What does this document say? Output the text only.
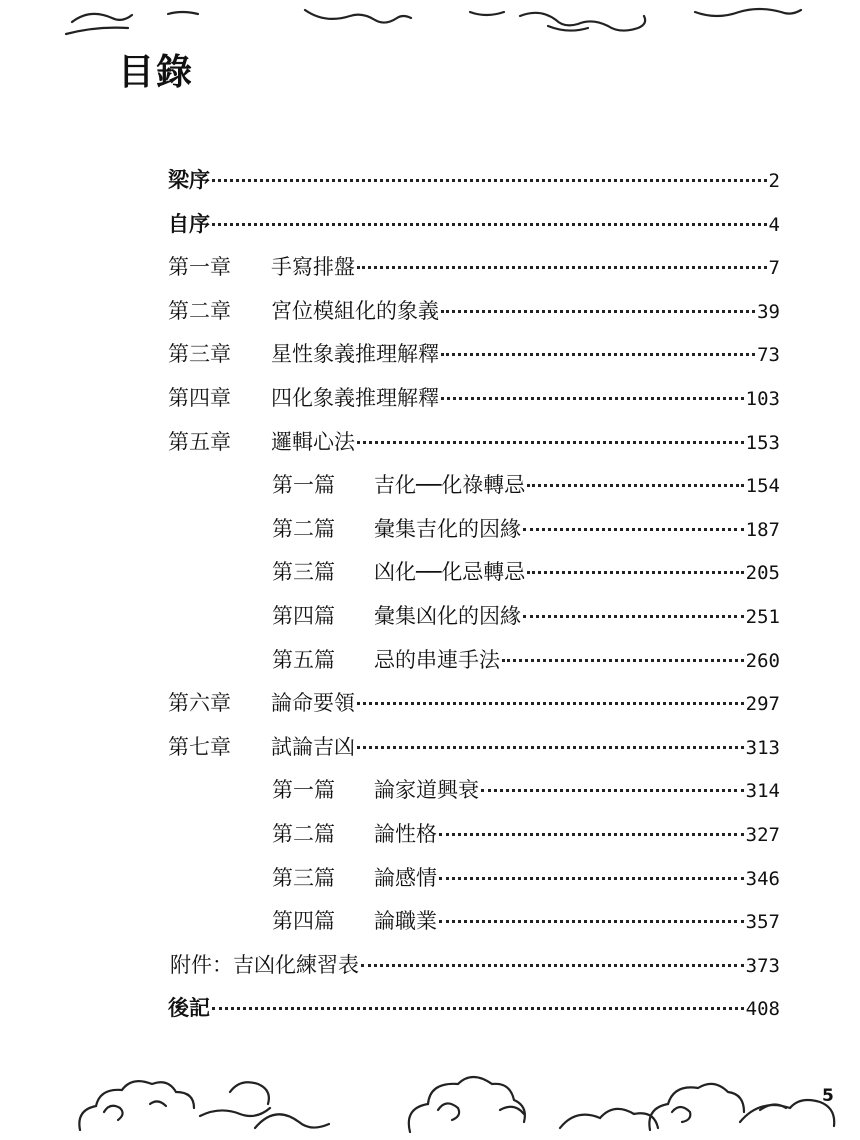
目錄
梁序	2
自序	4
第一章 手寫排盤	7
第二章 宮位模組化的象義	39
第三章 星性象義推理解釋	73
第四章 四化象義推理解釋	103
第五章 邏輯心法	153
第一篇 吉化──化祿轉忌	154
第二篇 彙集吉化的因緣	187
第三篇 凶化──化忌轉忌	205
第四篇 彙集凶化的因緣	251
第五篇 忌的串連手法	260
第六章 論命要領	297
第七章 試論吉凶	313
第一篇 論家道興衰	314
第二篇 論性格	327
第三篇 論感情	346
第四篇 論職業	357
附件：吉凶化練習表	373
後記	408
5
